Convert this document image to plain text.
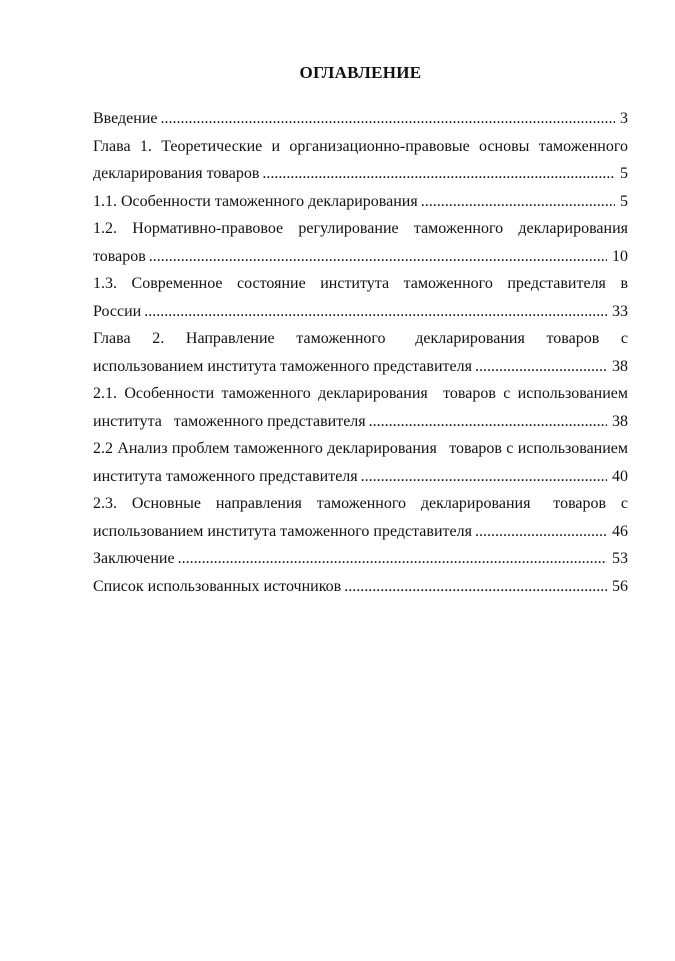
ОГЛАВЛЕНИЕ
Введение .....	3
Глава 1. Теоретические и организационно-правовые основы таможенного
декларирования товаров .....	5
1.1. Особенности таможенного декларирования .....	5
1.2. Нормативно-правовое регулирование таможенного декларирования
товаров .....	10
1.3. Современное состояние института таможенного представителя в
России .....	33
Глава 2. Направление таможенного декларирования товаров с
использованием института таможенного представителя .....	38
2.1. Особенности таможенного декларирования товаров с использованием
института таможенного представителя .....	38
2.2 Анализ проблем таможенного декларирования товаров с использованием
института таможенного представителя .....	40
2.3. Основные направления таможенного декларирования товаров с
использованием института таможенного представителя .....	46
Заключение .....	53
Список использованных источников .....	56
